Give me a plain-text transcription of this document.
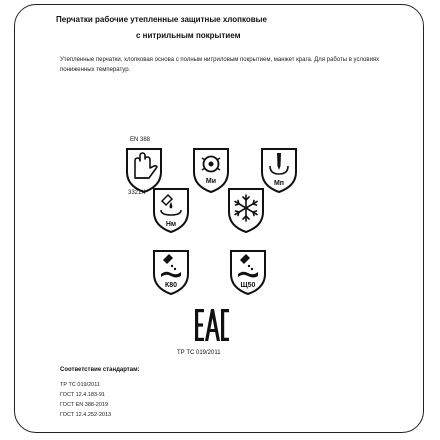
Перчатки рабочие утепленные защитные хлопковые
с нитрильным покрытием
Утепленные перчатки, хлопковая основа с полным нитриловым покрытием, манжет крага. Для работы в условиях пониженных температур.
EN 388
3321X
Ми	Мп
Нм
К80	Щ50
ТР ТС 019/2011
Соответствие стандартам:
ТР ТС 019/2011
ГОСТ 12.4.183-91
ГОСТ EN 388-2019
ГОСТ 12.4.252-2013
